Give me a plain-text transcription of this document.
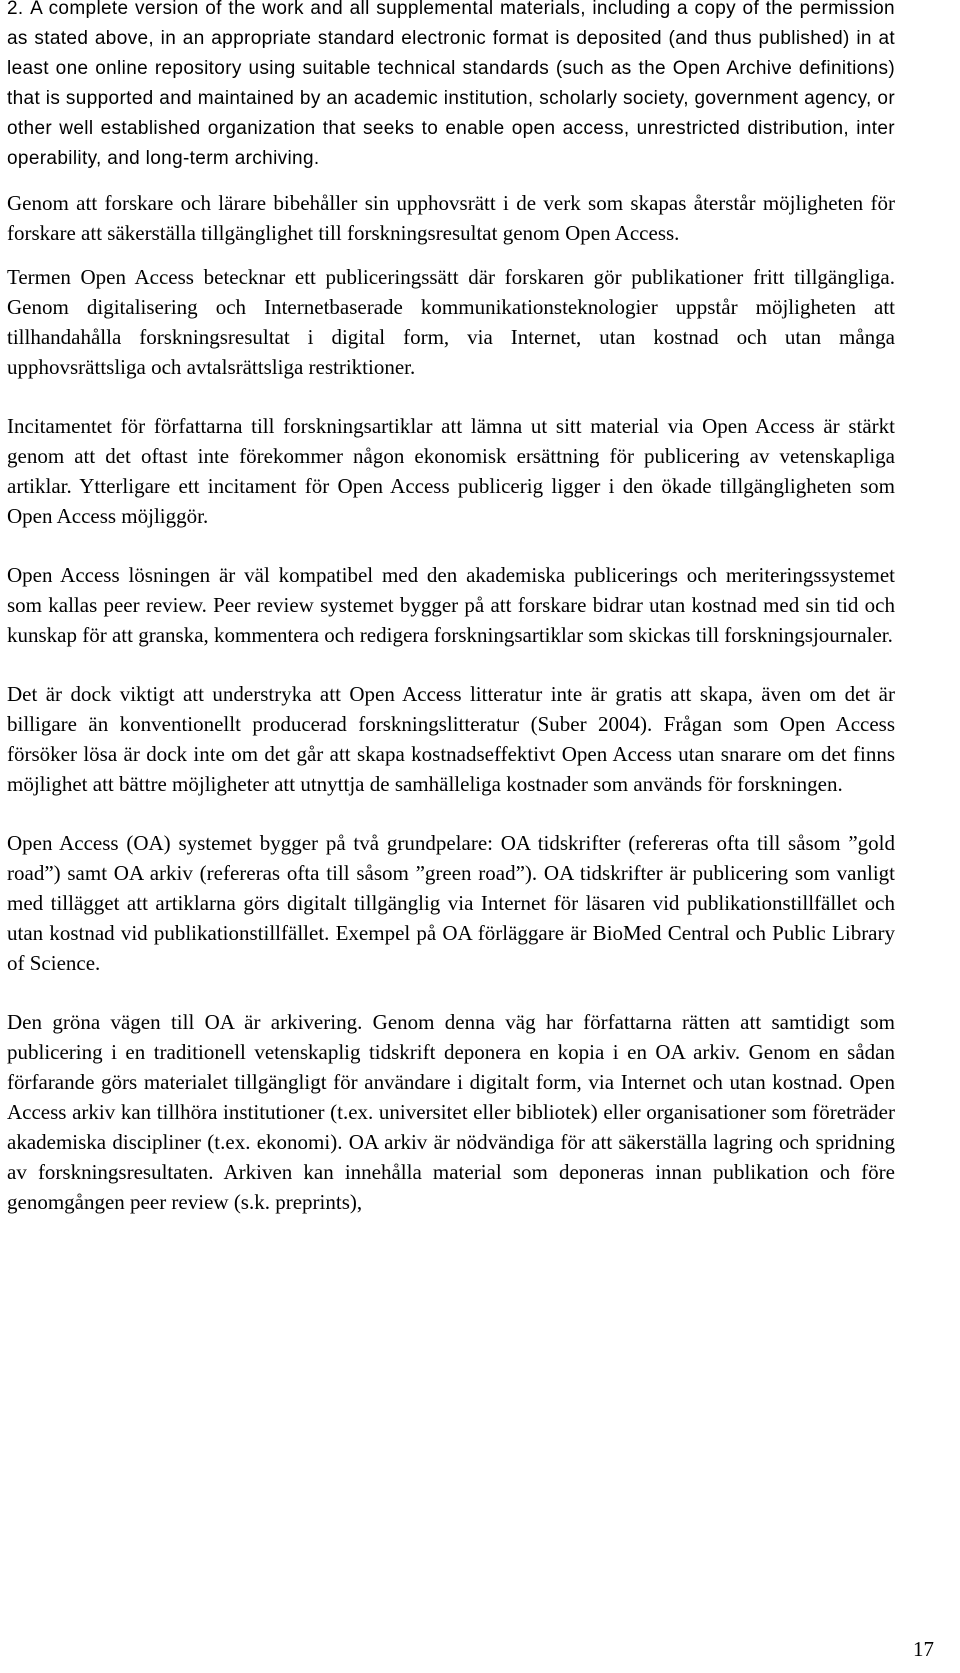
2. A complete version of the work and all supplemental materials, including a copy of the permission as stated above, in an appropriate standard electronic format is deposited (and thus published) in at least one online repository using suitable technical standards (such as the Open Archive definitions) that is supported and maintained by an academic institution, scholarly society, government agency, or other well established organization that seeks to enable open access, unrestricted distribution, inter operability, and long-term archiving.

Genom att forskare och lärare bibehåller sin upphovsrätt i de verk som skapas återstår möjligheten för forskare att säkerställa tillgänglighet till forskningsresultat genom Open Access.

Termen Open Access betecknar ett publiceringssätt där forskaren gör publikationer fritt tillgängliga. Genom digitalisering och Internetbaserade kommunikationsteknologier uppstår möjligheten att tillhandahålla forskningsresultat i digital form, via Internet, utan kostnad och utan många upphovsrättsliga och avtalsrättsliga restriktioner.

Incitamentet för författarna till forskningsartiklar att lämna ut sitt material via Open Access är stärkt genom att det oftast inte förekommer någon ekonomisk ersättning för publicering av vetenskapliga artiklar. Ytterligare ett incitament för Open Access publicerig ligger i den ökade tillgängligheten som Open Access möjliggör.

Open Access lösningen är väl kompatibel med den akademiska publicerings och meriteringssystemet som kallas peer review. Peer review systemet bygger på att forskare bidrar utan kostnad med sin tid och kunskap för att granska, kommentera och redigera forskningsartiklar som skickas till forskningsjournaler.

Det är dock viktigt att understryka att Open Access litteratur inte är gratis att skapa, även om det är billigare än konventionellt producerad forskningslitteratur (Suber 2004). Frågan som Open Access försöker lösa är dock inte om det går att skapa kostnadseffektivt Open Access utan snarare om det finns möjlighet att bättre möjligheter att utnyttja de samhälleliga kostnader som används för forskningen.

Open Access (OA) systemet bygger på två grundpelare: OA tidskrifter (refereras ofta till såsom ”gold road”) samt OA arkiv (refereras ofta till såsom ”green road”). OA tidskrifter är publicering som vanligt med tillägget att artiklarna görs digitalt tillgänglig via Internet för läsaren vid publikationstillfället och utan kostnad vid publikationstillfället. Exempel på OA förläggare är BioMed Central och Public Library of Science.

Den gröna vägen till OA är arkivering. Genom denna väg har författarna rätten att samtidigt som publicering i en traditionell vetenskaplig tidskrift deponera en kopia i en OA arkiv. Genom en sådan förfarande görs materialet tillgängligt för användare i digitalt form, via Internet och utan kostnad. Open Access arkiv kan tillhöra institutioner (t.ex. universitet eller bibliotek) eller organisationer som företräder akademiska discipliner (t.ex. ekonomi). OA arkiv är nödvändiga för att säkerställa lagring och spridning av forskningsresultaten. Arkiven kan innehålla material som deponeras innan publikation och före genomgången peer review (s.k. preprints),

17
